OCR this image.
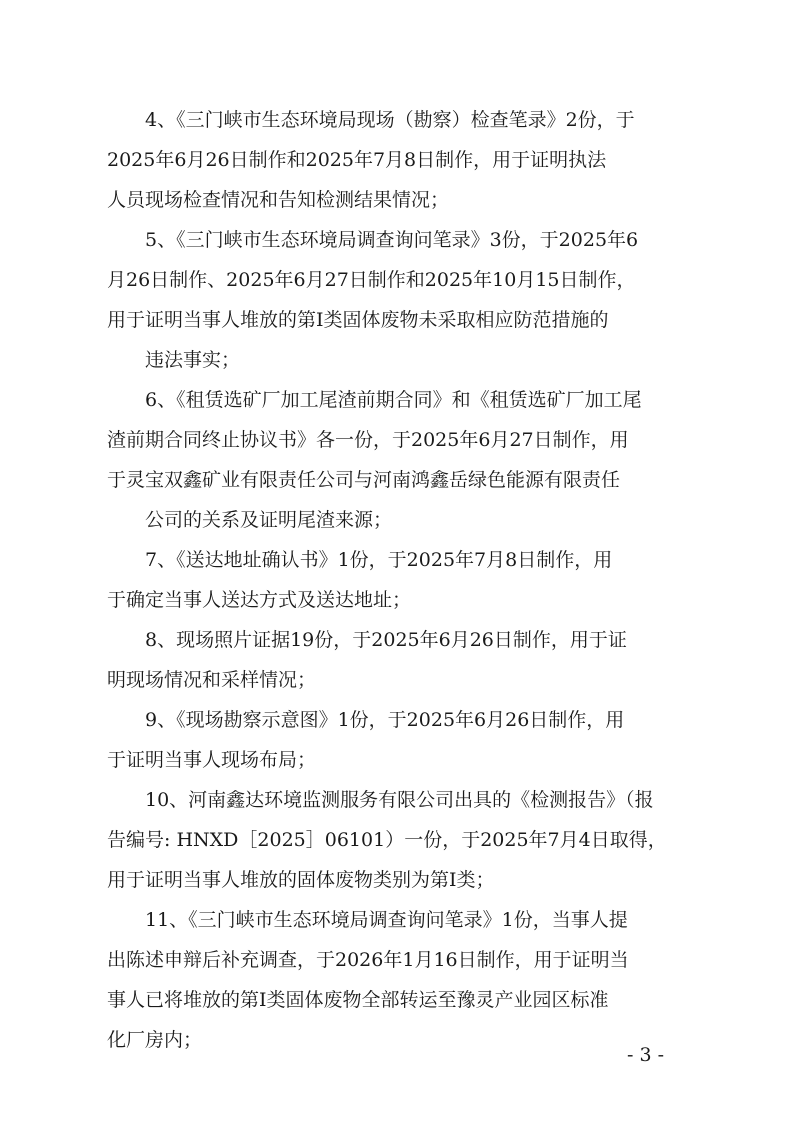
4、《三门峡市生态环境局现场（勘察）检查笔录》2份，于
2025年6月26日制作和2025年7月8日制作，用于证明执法
人员现场检查情况和告知检测结果情况；
5、《三门峡市生态环境局调查询问笔录》3份，于2025年6
月26日制作、2025年6月27日制作和2025年10月15日制作，
用于证明当事人堆放的第Ⅰ类固体废物未采取相应防范措施的
违法事实；
6、《租赁选矿厂加工尾渣前期合同》和《租赁选矿厂加工尾
渣前期合同终止协议书》各一份，于2025年6月27日制作，用
于灵宝双鑫矿业有限责任公司与河南鸿鑫岳绿色能源有限责任
公司的关系及证明尾渣来源；
7、《送达地址确认书》1份，于2025年7月8日制作，用
于确定当事人送达方式及送达地址；
8、现场照片证据19份，于2025年6月26日制作，用于证
明现场情况和采样情况；
9、《现场勘察示意图》1份，于2025年6月26日制作，用
于证明当事人现场布局；
10、河南鑫达环境监测服务有限公司出具的《检测报告》（报
告编号: HNXD［2025］06101）一份，于2025年7月4日取得，
用于证明当事人堆放的固体废物类别为第Ⅰ类；
11、《三门峡市生态环境局调查询问笔录》1份，当事人提
出陈述申辩后补充调查，于2026年1月16日制作，用于证明当
事人已将堆放的第Ⅰ类固体废物全部转运至豫灵产业园区标准
化厂房内；
- 3 -
